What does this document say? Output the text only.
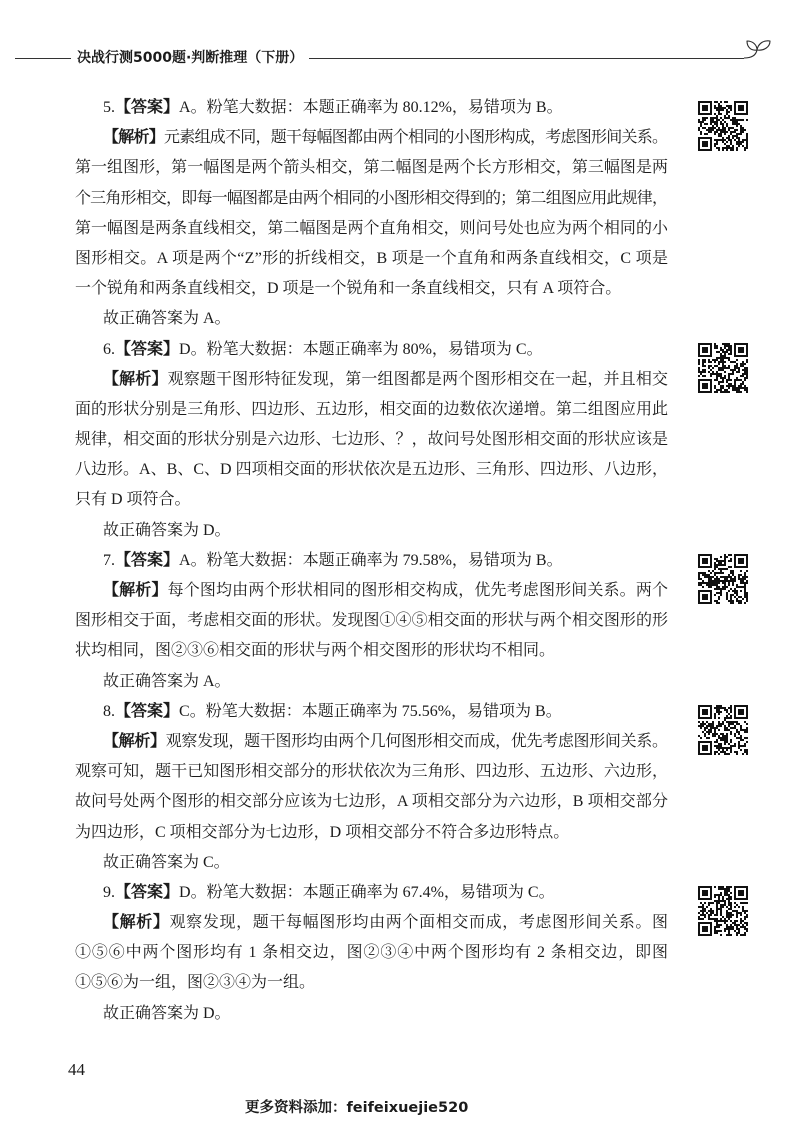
决战行测5000题·判断推理（下册）
5.【答案】A。粉笔大数据：本题正确率为 80.12%，易错项为 B。
【解析】元素组成不同，题干每幅图都由两个相同的小图形构成，考虑图形间关系。
第一组图形，第一幅图是两个箭头相交，第二幅图是两个长方形相交，第三幅图是两
个三角形相交，即每一幅图都是由两个相同的小图形相交得到的；第二组图应用此规律，
第一幅图是两条直线相交，第二幅图是两个直角相交，则问号处也应为两个相同的小
图形相交。A 项是两个“Z”形的折线相交，B 项是一个直角和两条直线相交，C 项是
一个锐角和两条直线相交，D 项是一个锐角和一条直线相交，只有 A 项符合。
故正确答案为 A。
6.【答案】D。粉笔大数据：本题正确率为 80%，易错项为 C。
【解析】观察题干图形特征发现，第一组图都是两个图形相交在一起，并且相交
面的形状分别是三角形、四边形、五边形，相交面的边数依次递增。第二组图应用此
规律，相交面的形状分别是六边形、七边形、？，故问号处图形相交面的形状应该是
八边形。A、B、C、D 四项相交面的形状依次是五边形、三角形、四边形、八边形，
只有 D 项符合。
故正确答案为 D。
7.【答案】A。粉笔大数据：本题正确率为 79.58%，易错项为 B。
【解析】每个图均由两个形状相同的图形相交构成，优先考虑图形间关系。两个
图形相交于面，考虑相交面的形状。发现图①④⑤相交面的形状与两个相交图形的形
状均相同，图②③⑥相交面的形状与两个相交图形的形状均不相同。
故正确答案为 A。
8.【答案】C。粉笔大数据：本题正确率为 75.56%，易错项为 B。
【解析】观察发现，题干图形均由两个几何图形相交而成，优先考虑图形间关系。
观察可知，题干已知图形相交部分的形状依次为三角形、四边形、五边形、六边形，
故问号处两个图形的相交部分应该为七边形，A 项相交部分为六边形，B 项相交部分
为四边形，C 项相交部分为七边形，D 项相交部分不符合多边形特点。
故正确答案为 C。
9.【答案】D。粉笔大数据：本题正确率为 67.4%，易错项为 C。
【解析】观察发现，题干每幅图形均由两个面相交而成，考虑图形间关系。图
①⑤⑥中两个图形均有 1 条相交边，图②③④中两个图形均有 2 条相交边，即图
①⑤⑥为一组，图②③④为一组。
故正确答案为 D。
44
更多资料添加：feifeixuejie520
